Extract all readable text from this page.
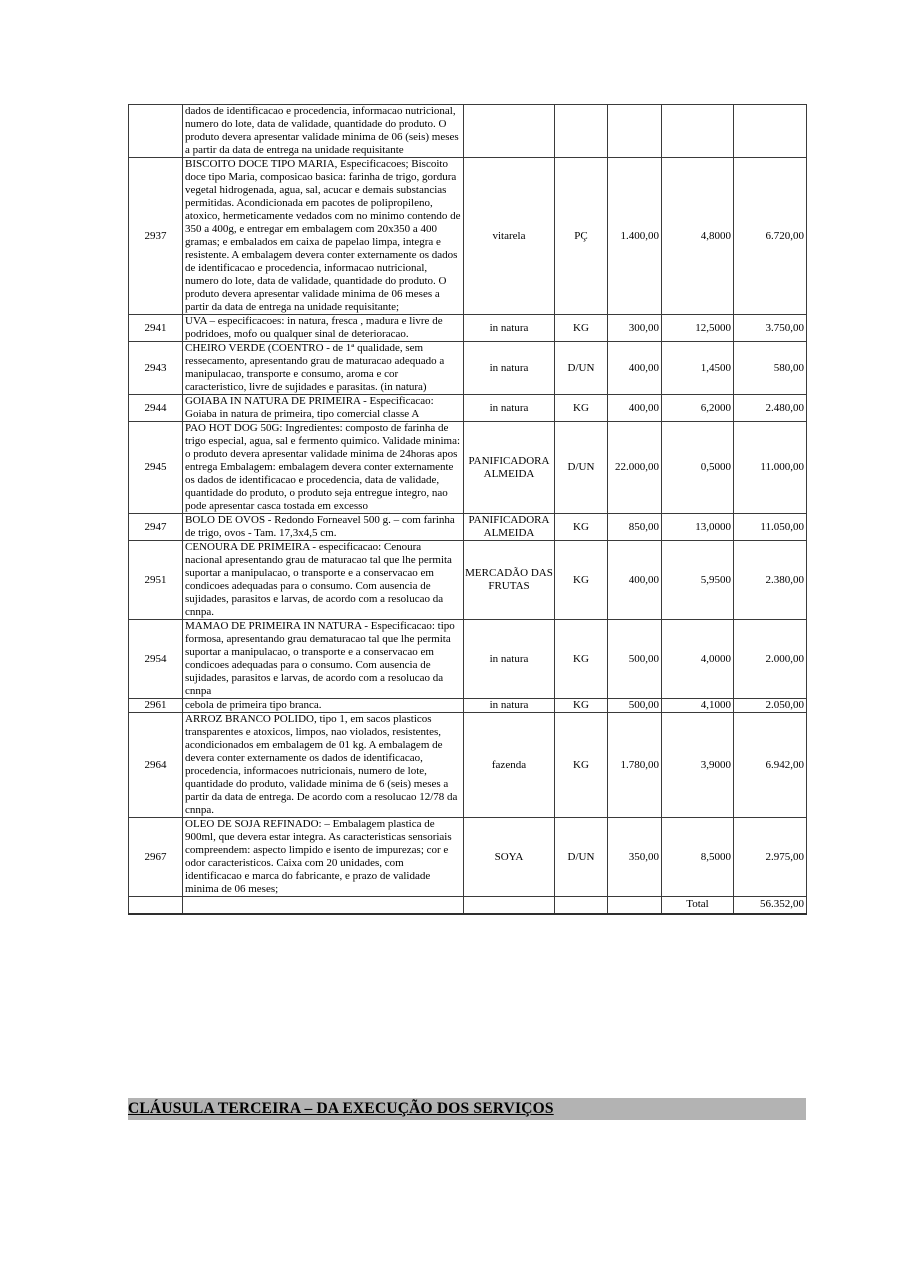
	dados de identificacao e procedencia, informacao nutricional, numero do lote, data de validade, quantidade do produto. O produto devera apresentar validade minima de 06 (seis) meses a partir da data de entrega na unidade requisitante					
2937	BISCOITO DOCE TIPO MARIA, Especificacoes; Biscoito doce tipo Maria, composicao basica: farinha de trigo, gordura vegetal hidrogenada, agua, sal, acucar e demais substancias permitidas. Acondicionada em pacotes de polipropileno, atoxico, hermeticamente vedados com no minimo contendo de 350 a 400g, e entregar em embalagem com 20x350 a 400 gramas; e embalados em caixa de papelao limpa, integra e resistente. A embalagem devera conter externamente os dados de identificacao e procedencia, informacao nutricional, numero do lote, data de validade, quantidade do produto. O produto devera apresentar validade minima de 06 meses a partir da data de entrega na unidade requisitante;	vitarela	PÇ	1.400,00	4,8000	6.720,00
2941	UVA – especificacoes: in natura, fresca , madura e livre de podridoes, mofo ou qualquer sinal de deterioracao.	in natura	KG	300,00	12,5000	3.750,00
2943	CHEIRO VERDE (COENTRO - de 1ª qualidade, sem ressecamento, apresentando grau de maturacao adequado a manipulacao, transporte e consumo, aroma e cor caracteristico, livre de sujidades e parasitas. (in natura)	in natura	D/UN	400,00	1,4500	580,00
2944	GOIABA IN NATURA DE PRIMEIRA - Especificacao: Goiaba in natura de primeira, tipo comercial classe A	in natura	KG	400,00	6,2000	2.480,00
2945	PAO HOT DOG 50G: Ingredientes: composto de farinha de trigo especial, agua, sal e fermento quimico. Validade minima: o produto devera apresentar validade minima de 24horas apos entrega Embalagem: embalagem devera conter externamente os dados de identificacao e procedencia, data de validade, quantidade do produto, o produto seja entregue integro, nao pode apresentar casca tostada em excesso	PANIFICADORA ALMEIDA	D/UN	22.000,00	0,5000	11.000,00
2947	BOLO DE OVOS - Redondo Forneavel 500 g. – com farinha de trigo, ovos - Tam. 17,3x4,5 cm.	PANIFICADORA ALMEIDA	KG	850,00	13,0000	11.050,00
2951	CENOURA DE PRIMEIRA - especificacao: Cenoura nacional apresentando grau de maturacao tal que lhe permita suportar a manipulacao, o transporte e a conservacao em condicoes adequadas para o consumo. Com ausencia de sujidades, parasitos e larvas, de acordo com a resolucao da cnnpa.	MERCADÃO DAS FRUTAS	KG	400,00	5,9500	2.380,00
2954	MAMAO DE PRIMEIRA IN NATURA - Especificacao: tipo formosa, apresentando grau dematuracao tal que lhe permita suportar a manipulacao, o transporte e a conservacao em condicoes adequadas para o consumo. Com ausencia de sujidades, parasitos e larvas, de acordo com a resolucao da cnnpa	in natura	KG	500,00	4,0000	2.000,00
2961	cebola de primeira tipo branca.	in natura	KG	500,00	4,1000	2.050,00
2964	ARROZ BRANCO POLIDO, tipo 1, em sacos plasticos transparentes e atoxicos, limpos, nao violados, resistentes, acondicionados em embalagem de 01 kg. A embalagem de devera conter externamente os dados de identificacao, procedencia, informacoes nutricionais, numero de lote, quantidade do produto, validade minima de 6 (seis) meses a partir da data de entrega. De acordo com a resolucao 12/78 da cnnpa.	fazenda	KG	1.780,00	3,9000	6.942,00
2967	OLEO DE SOJA REFINADO: – Embalagem plastica de 900ml, que devera estar integra. As caracteristicas sensoriais compreendem: aspecto limpido e isento de impurezas; cor e odor caracteristicos. Caixa com 20 unidades, com identificacao e marca do fabricante, e prazo de validade minima de 06 meses;	SOYA	D/UN	350,00	8,5000	2.975,00
					Total	56.352,00
CLÁUSULA TERCEIRA – DA EXECUÇÃO DOS SERVIÇOS
